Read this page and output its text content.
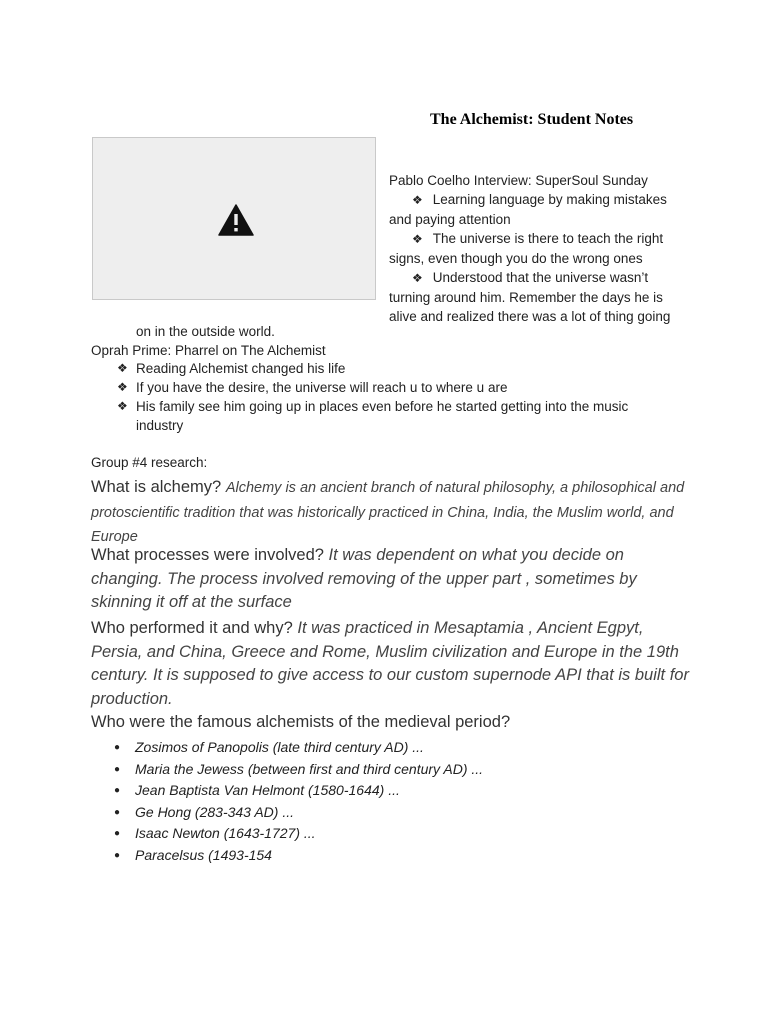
The Alchemist: Student Notes

Pablo Coelho Interview: SuperSoul Sunday

❖ Learning language by making mistakes and paying attention

❖ The universe is there to teach the right signs, even though you do the wrong ones

❖ Understood that the universe wasn’t turning around him. Remember the days he is alive and realized there was a lot of thing going

on in the outside world.
Oprah Prime: Pharrel on The Alchemist
❖ Reading Alchemist changed his life
❖ If you have the desire, the universe will reach u to where u are
❖ His family see him going up in places even before he started getting into the music industry
Group #4 research:

What is alchemy? Alchemy is an ancient branch of natural philosophy, a philosophical and protoscientific tradition that was historically practiced in China, India, the Muslim world, and Europe

What processes were involved? It was dependent on what you decide on changing. The process involved removing of the upper part , sometimes by skinning it off at the surface

Who performed it and why? It was practiced in Mesaptamia , Ancient Egpyt, Persia, and China, Greece and Rome, Muslim civilization and Europe in the 19th century. It is supposed to give access to our custom supernode API that is built for production.

Who were the famous alchemists of the medieval period?

● Zosimos of Panopolis (late third century AD) ...
● Maria the Jewess (between first and third century AD) ...
● Jean Baptista Van Helmont (1580-1644) ...
● Ge Hong (283-343 AD) ...
● Isaac Newton (1643-1727) ...
● Paracelsus (1493-154
